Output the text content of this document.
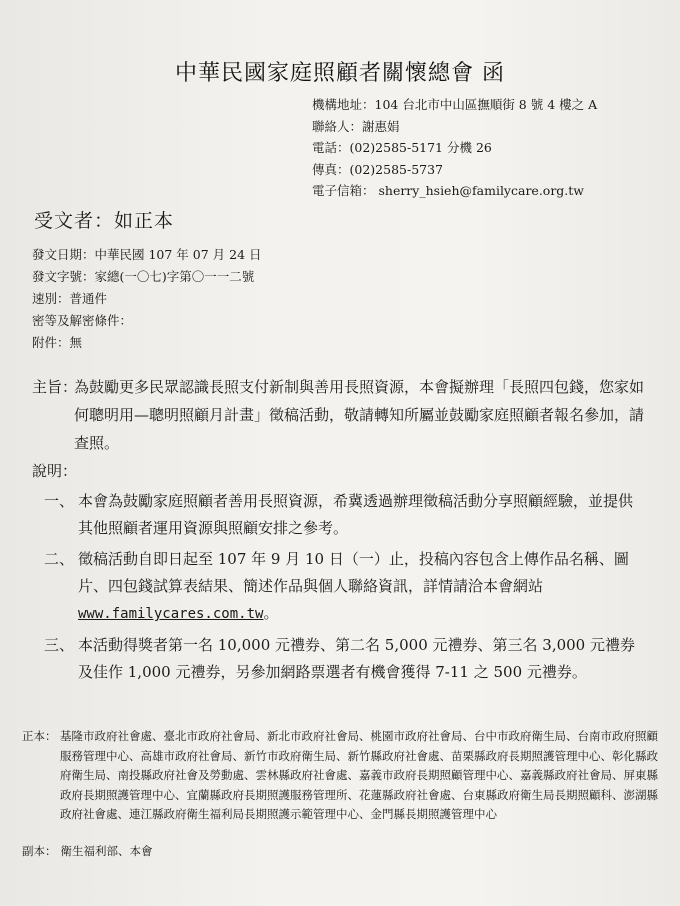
中華民國家庭照顧者關懷總會 函
機構地址：104 台北市中山區撫順街 8 號 4 樓之 A
聯絡人：謝惠娟
電話：(02)2585-5171 分機 26
傳真：(02)2585-5737
電子信箱： sherry_hsieh@familycare.org.tw
受文者：如正本
發文日期：中華民國 107 年 07 月 24 日
發文字號：家總(一〇七)字第〇一一二號
速別：普通件
密等及解密條件：
附件：無
主旨：
為鼓勵更多民眾認識長照支付新制與善用長照資源，本會擬辦理「長照四包錢，您家如何聰明用—聰明照顧月計畫」徵稿活動，敬請轉知所屬並鼓勵家庭照顧者報名參加，請查照。
說明：
一、 本會為鼓勵家庭照顧者善用長照資源，希冀透過辦理徵稿活動分享照顧經驗，並提供其他照顧者運用資源與照顧安排之參考。
二、 徵稿活動自即日起至 107 年 9 月 10 日（一）止，投稿內容包含上傳作品名稱、圖片、四包錢試算表結果、簡述作品與個人聯絡資訊，詳情請洽本會網站 www.familycares.com.tw。
三、 本活動得獎者第一名 10,000 元禮券、第二名 5,000 元禮券、第三名 3,000 元禮券及佳作 1,000 元禮券，另參加網路票選者有機會獲得 7-11 之 500 元禮券。
正本： 基隆市政府社會處、臺北市政府社會局、新北市政府社會局、桃園市政府社會局、台中市政府衛生局、台南市政府照顧服務管理中心、高雄市政府社會局、新竹市政府衛生局、新竹縣政府社會處、苗栗縣政府長期照護管理中心、彰化縣政府衛生局、南投縣政府社會及勞動處、雲林縣政府社會處、嘉義市政府長期照顧管理中心、嘉義縣政府社會局、屏東縣政府長期照護管理中心、宜蘭縣政府長期照護服務管理所、花蓮縣政府社會處、台東縣政府衛生局長期照顧科、澎湖縣政府社會處、連江縣政府衛生福利局長期照護示範管理中心、金門縣長期照護管理中心
副本： 衛生福利部、本會
